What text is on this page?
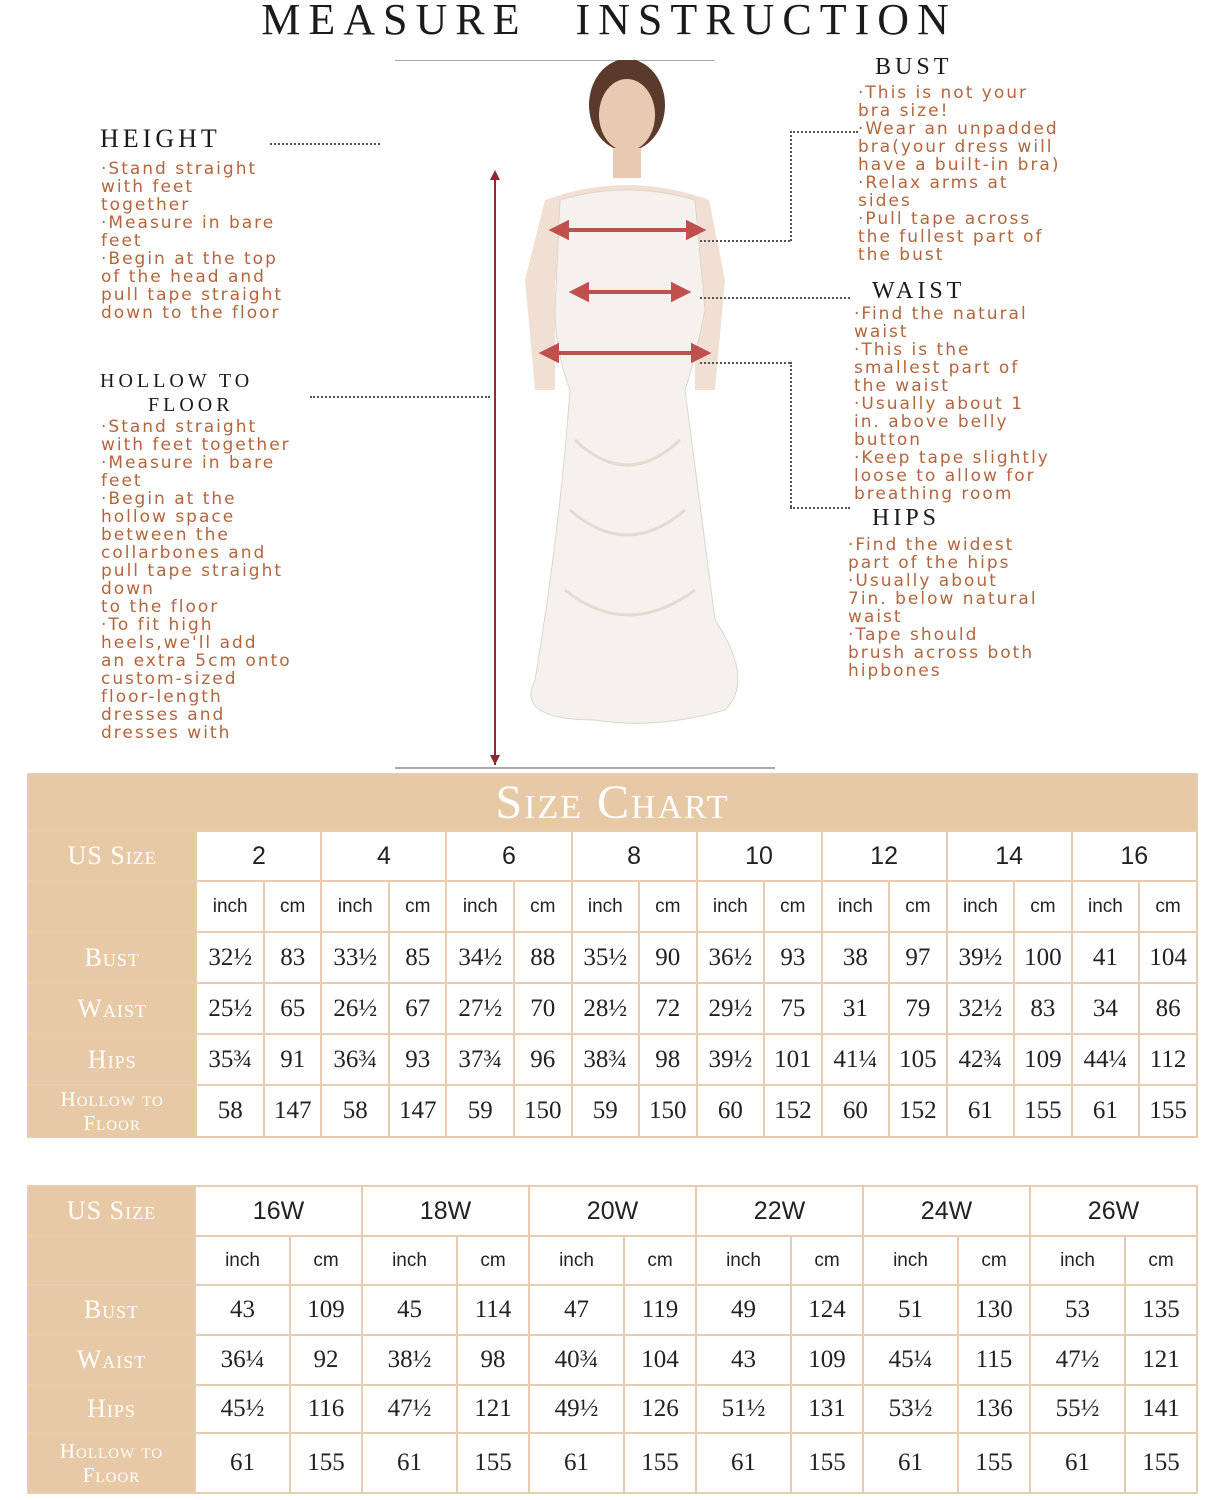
MEASURE INSTRUCTION
HEIGHT
·Stand straight
with feet
together
·Measure in bare
feet
·Begin at the top
of the head and
pull tape straight
down to the floor
HOLLOW TO
FLOOR
·Stand straight
with feet together
·Measure in bare
feet
·Begin at the
hollow space
between the
collarbones and
pull tape straight
down
to the floor
·To fit high
heels,we'll add
an extra 5cm onto
custom-sized
floor-length
dresses and
dresses with
BUST
·This is not your
bra size!
·Wear an unpadded
bra(your dress will
have a built-in bra)
·Relax arms at
sides
·Pull tape across
the fullest part of
the bust
WAIST
·Find the natural
waist
·This is the
smallest part of
the waist
·Usually about 1
in. above belly
button
·Keep tape slightly
loose to allow for
breathing room
HIPS
·Find the widest
part of the hips
·Usually about
7in. below natural
waist
·Tape should
brush across both
hipbones
Size Chart																
US Size	2		4		6		8		10		12		14		16	
	inch	cm	inch	cm	inch	cm	inch	cm	inch	cm	inch	cm	inch	cm	inch	cm
Bust	32½	83	33½	85	34½	88	35½	90	36½	93	38	97	39½	100	41	104
Waist	25½	65	26½	67	27½	70	28½	72	29½	75	31	79	32½	83	34	86
Hips	35¾	91	36¾	93	37¾	96	38¾	98	39½	101	41¼	105	42¾	109	44¼	112
Hollow to Floor	58	147	58	147	59	150	59	150	60	152	60	152	61	155	61	155
US Size	16W		18W		20W		22W		24W		26W	
	inch	cm	inch	cm	inch	cm	inch	cm	inch	cm	inch	cm
Bust	43	109	45	114	47	119	49	124	51	130	53	135
Waist	36¼	92	38½	98	40¾	104	43	109	45¼	115	47½	121
Hips	45½	116	47½	121	49½	126	51½	131	53½	136	55½	141
Hollow to Floor	61	155	61	155	61	155	61	155	61	155	61	155
